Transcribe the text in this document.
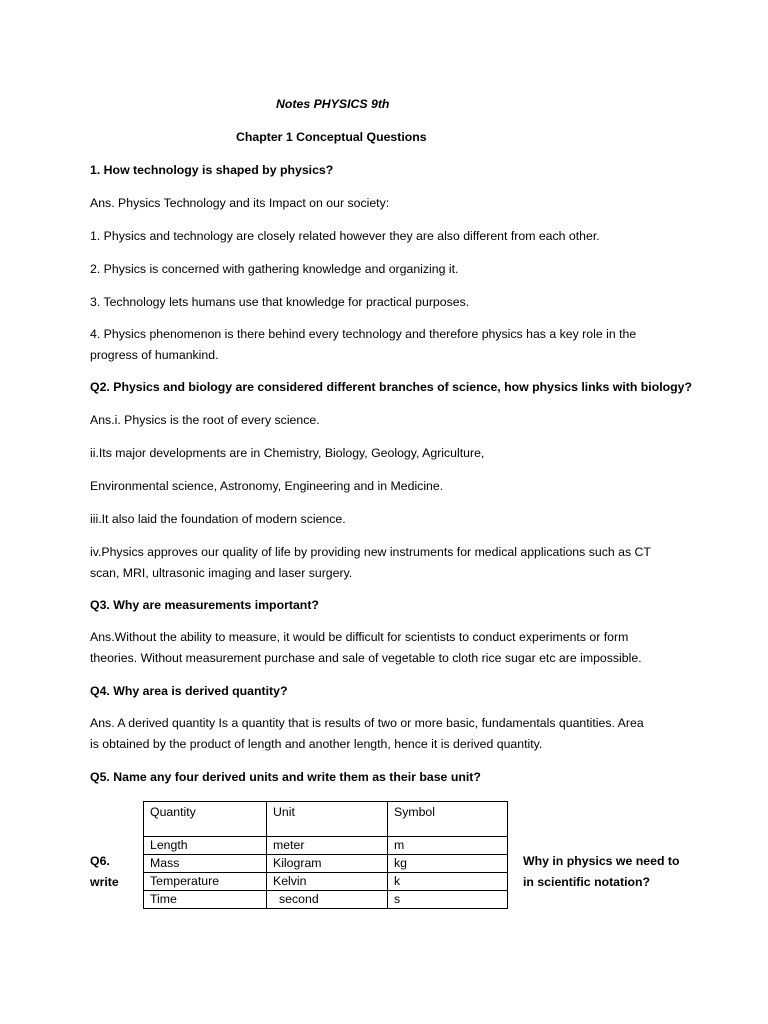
Notes PHYSICS 9th

Chapter 1 Conceptual Questions

1. How technology is shaped by physics?

Ans. Physics Technology and its Impact on our society:

1. Physics and technology are closely related however they are also different from each other.

2. Physics is concerned with gathering knowledge and organizing it.

3. Technology lets humans use that knowledge for practical purposes.

4. Physics phenomenon is there behind every technology and therefore physics has a key role in the

progress of humankind.

Q2. Physics and biology are considered different branches of science, how physics links with biology?

Ans.i. Physics is the root of every science.

ii.Its major developments are in Chemistry, Biology, Geology, Agriculture,

Environmental science, Astronomy, Engineering and in Medicine.

iii.It also laid the foundation of modern science.

iv.Physics approves our quality of life by providing new instruments for medical applications such as CT

scan, MRI, ultrasonic imaging and laser surgery.

Q3. Why are measurements important?

Ans.Without the ability to measure, it would be difficult for scientists to conduct experiments or form

theories. Without measurement purchase and sale of vegetable to cloth rice sugar etc are impossible.

Q4. Why area is derived quantity?

Ans. A derived quantity Is a quantity that is results of two or more basic, fundamentals quantities. Area

is obtained by the product of length and another length, hence it is derived quantity.

Q5. Name any four derived units and write them as their base unit?

Quantity	Unit	Symbol
Length	meter	m
Mass	Kilogram	kg
Temperature	Kelvin	k
Time	second	s
Q6.
write
Why in physics we need to
in scientific notation?
